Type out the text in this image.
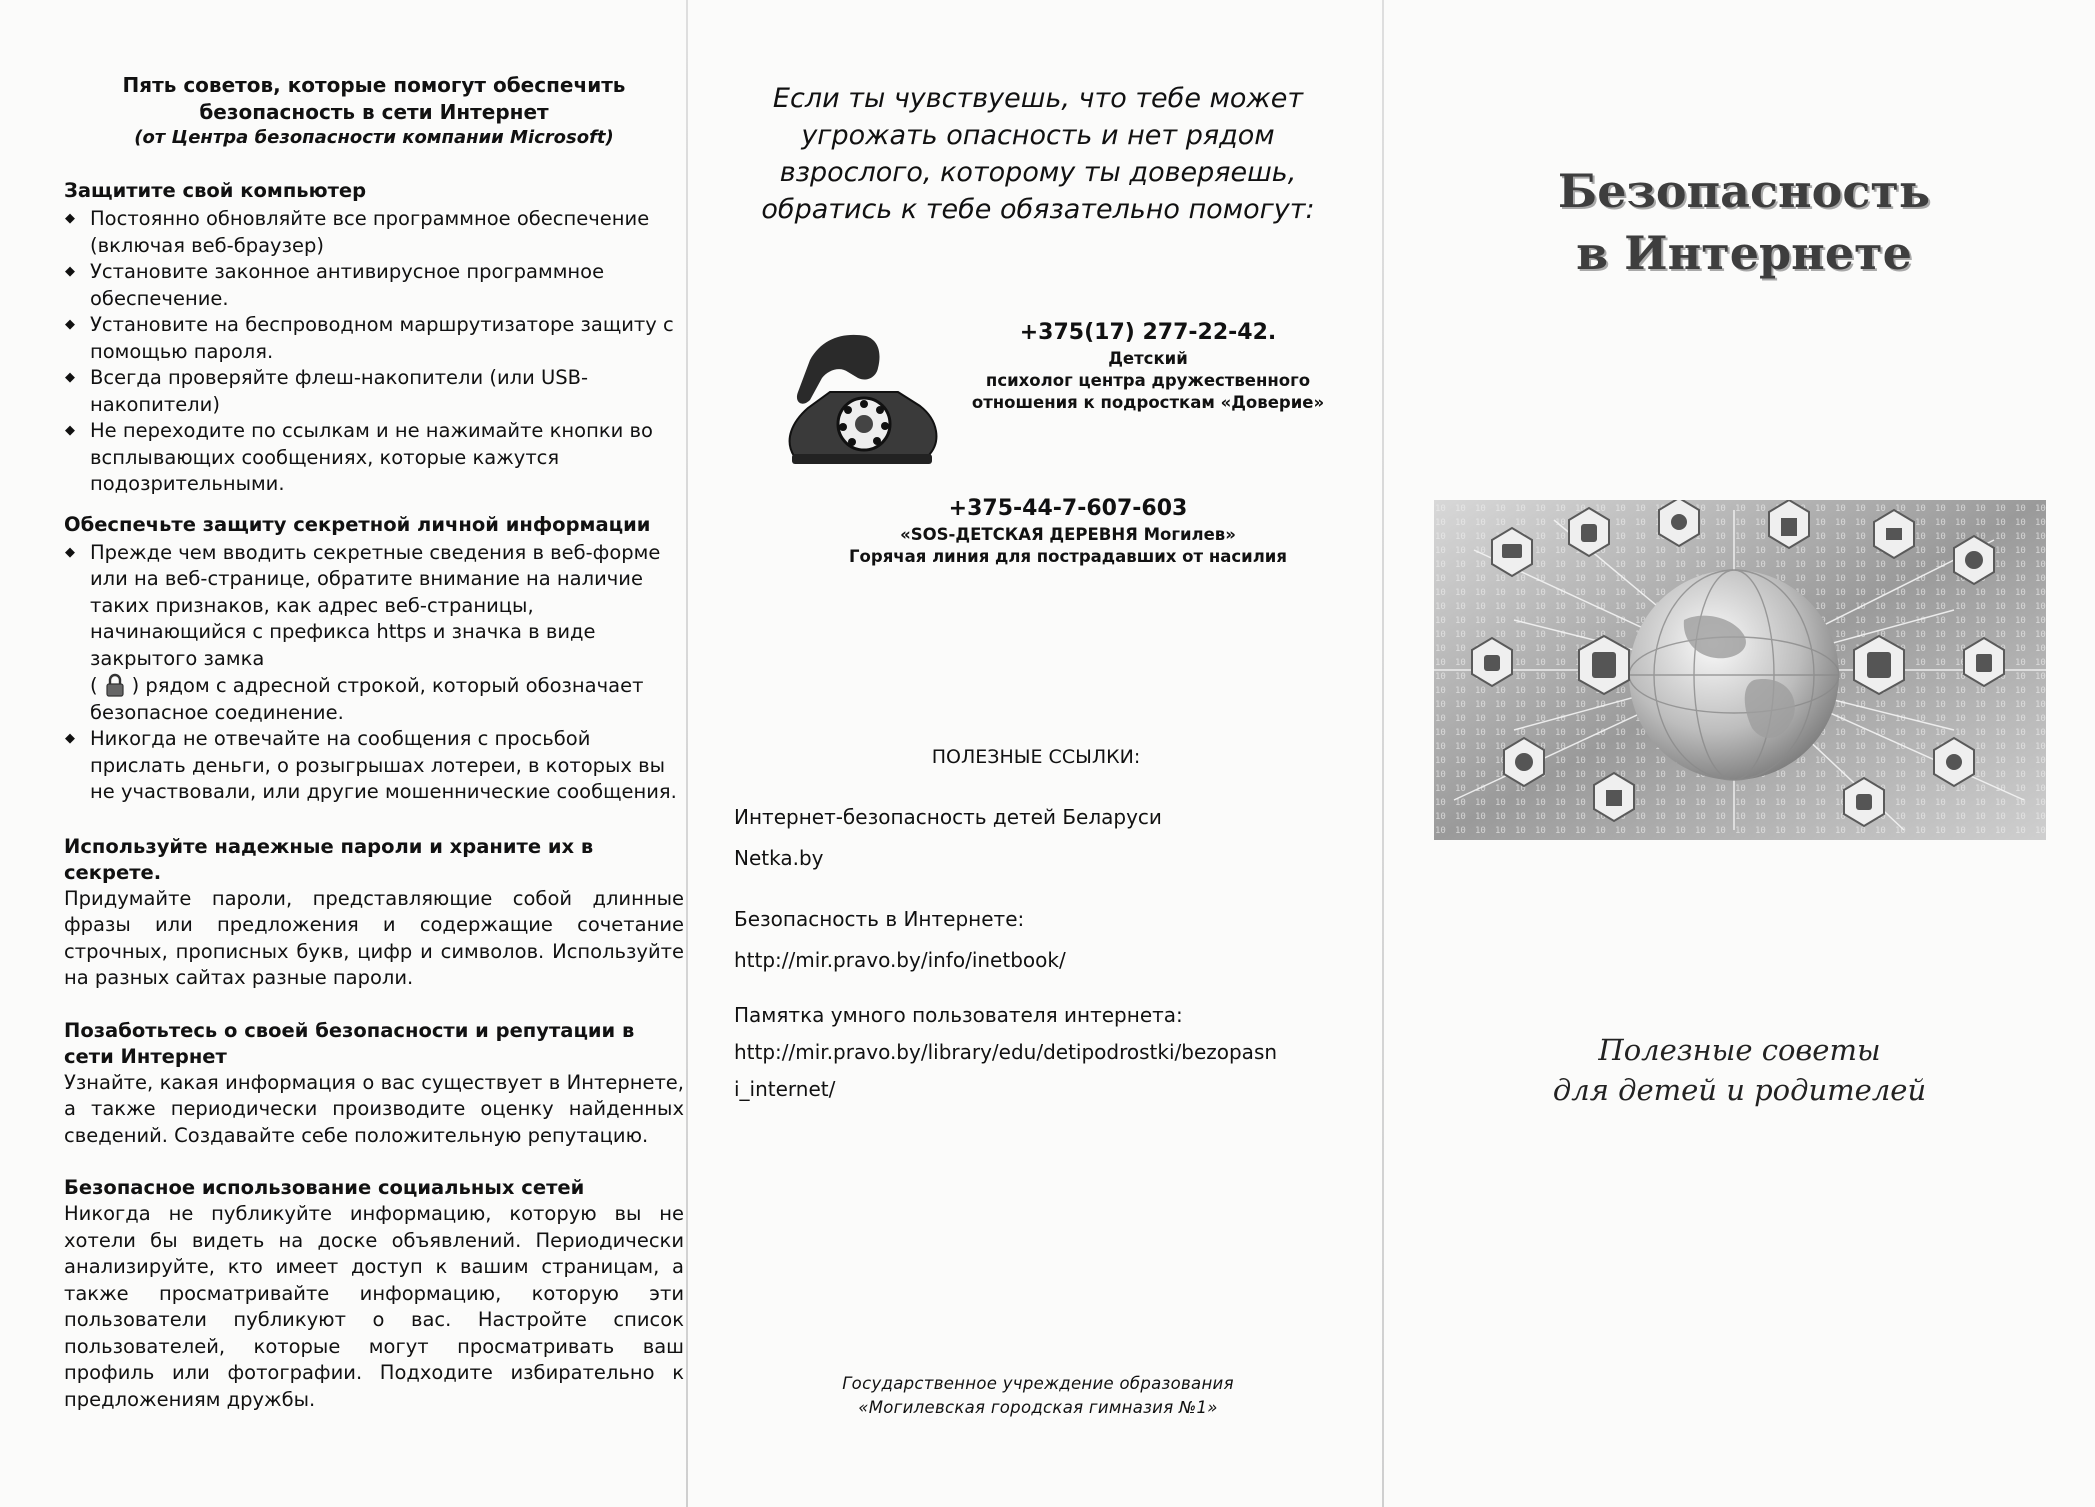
Пять советов, которые помогут обеспечить
безопасность в сети Интернет
(от Центра безопасности компании Microsoft)
Защитите свой компьютер
◆ Постоянно обновляйте все программное обеспечение (включая веб-браузер)
◆ Установите законное антивирусное программное обеспечение.
◆ Установите на беспроводном маршрутизаторе защиту с помощью пароля.
◆ Всегда проверяйте флеш-накопители (или USB-накопители)
◆ Не переходите по ссылкам и не нажимайте кнопки во всплывающих сообщениях, которые кажутся подозрительными.
Обеспечьте защиту секретной личной информации
◆ Прежде чем вводить секретные сведения в веб-форме или на веб-странице, обратите внимание на наличие таких признаков, как адрес веб-страницы, начинающийся с префикса https и значка в виде закрытого замка
( ) рядом с адресной строкой, который обозначает безопасное соединение.
◆ Никогда не отвечайте на сообщения с просьбой прислать деньги, о розыгрышах лотереи, в которых вы не участвовали, или другие мошеннические сообщения.
Используйте надежные пароли и храните их в секрете.
Придумайте пароли, представляющие собой длинные фразы или предложения и содержащие сочетание строчных, прописных букв, цифр и символов. Используйте на разных сайтах разные пароли.
Позаботьтесь о своей безопасности и репутации в сети Интернет
Узнайте, какая информация о вас существует в Интернете, а также периодически производите оценку найденных сведений. Создавайте себе положительную репутацию.
Безопасное использование социальных сетей
Никогда не публикуйте информацию, которую вы не хотели бы видеть на доске объявлений. Периодически анализируйте, кто имеет доступ к вашим страницам, а также просматривайте информацию, которую эти пользователи публикуют о вас. Настройте список пользователей, которые могут просматривать ваш профиль или фотографии. Подходите избирательно к предложениям дружбы.
Если ты чувствуешь, что тебе может угрожать опасность и нет рядом взрослого, которому ты доверяешь, обратись к тебе обязательно помогут:
+375(17) 277-22-42.
Детский
психолог центра дружественного
отношения к подросткам «Доверие»
+375-44-7-607-603
«SOS-ДЕТСКАЯ ДЕРЕВНЯ Могилев»
Горячая линия для пострадавших от насилия
ПОЛЕЗНЫЕ ССЫЛКИ:
Интернет-безопасность детей Беларуси
Netka.by
Безопасность в Интернете:
http://mir.pravo.by/info/inetbook/
Памятка умного пользователя интернета:
http://mir.pravo.by/library/edu/detipodrostki/bezopasn
i_internet/
Государственное учреждение образования
«Могилевская городская гимназия №1»
Безопасность
в Интернете
Полезные советы
для детей и родителей
